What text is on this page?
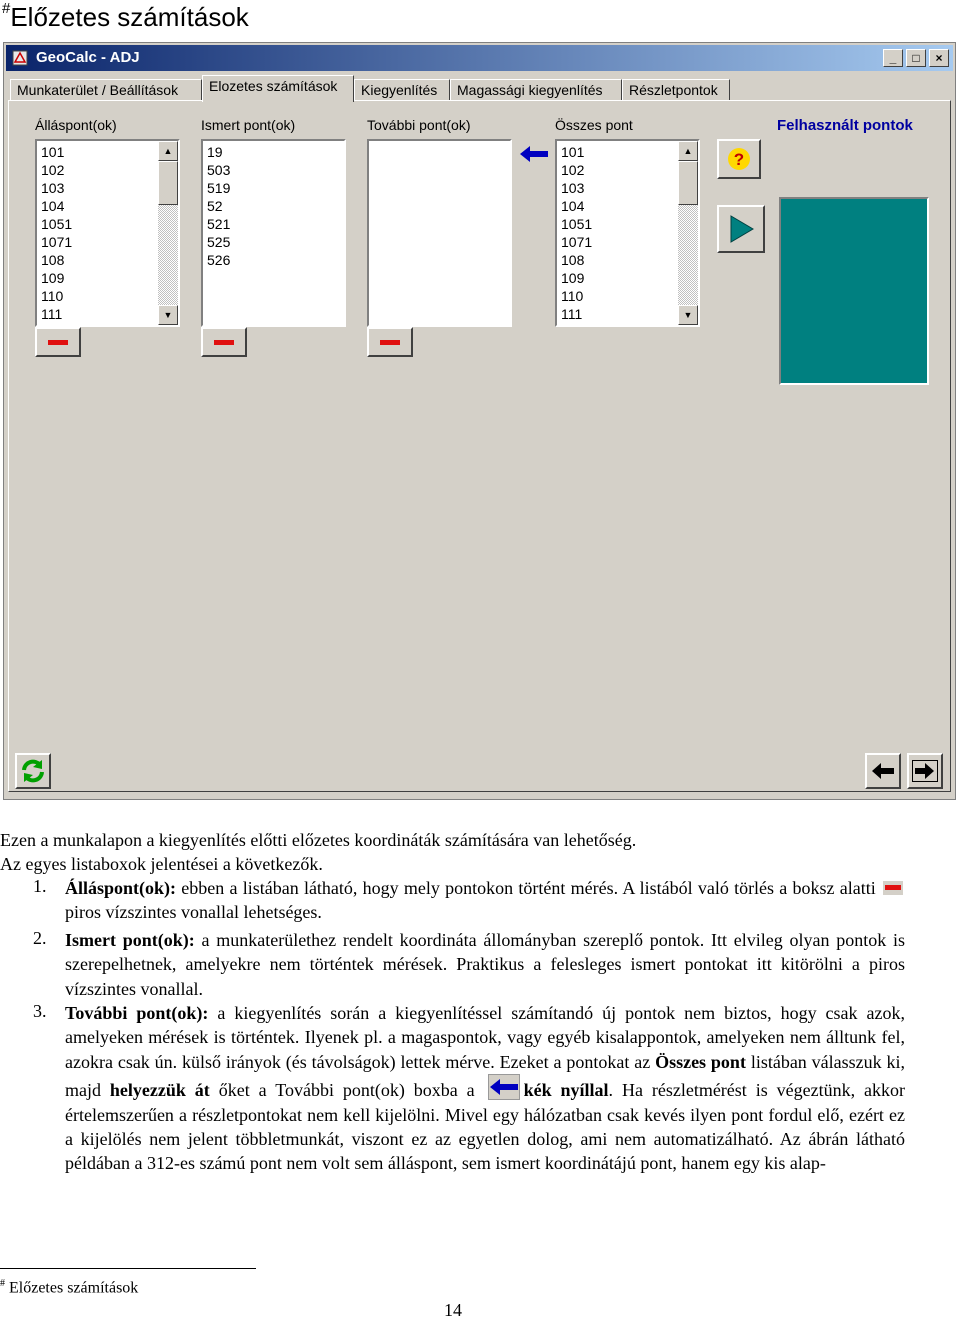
#Előzetes számítások
GeoCalc - ADJ	_	□	×
Munkaterület / Beállítások	Elozetes számítások	Kiegyenlítés	Magassági kiegyenlítés	Részletpontok
Álláspont(ok)	Ismert pont(ok)	További pont(ok)	Összes pont	Felhasznált pontok
101
102
103
104
1051
1071
108
109
110
111
▲
▼
19
503
519
52
521
525
526
101
102
103
104
1051
1071
108
109
110
111
▲
▼
?
Ezen a munkalapon a kiegyenlítés előtti előzetes koordináták számítására van lehetőség.
Az egyes listaboxok jelentései a következők.
1. Álláspont(ok): ebben a listában látható, hogy mely pontokon történt mérés. A listából való törlés a boksz alatti  piros vízszintes vonallal lehetséges.
2. Ismert pont(ok): a munkaterülethez rendelt koordináta állományban szereplő pontok. Itt elvileg olyan pontok is szerepelhetnek, amelyekre nem történtek mérések. Praktikus a felesleges ismert pontokat itt kitörölni a piros vízszintes vonallal.
3. További pont(ok): a kiegyenlítés során a kiegyenlítéssel számítandó új pontok nem biztos, hogy csak azok, amelyeken mérések is történtek. Ilyenek pl. a magaspontok, vagy egyéb kisalappontok, amelyeken nem álltunk fel, azokra csak ún. külső irányok (és távolságok) lettek mérve. Ezeket a pontokat az Összes pont listában válasszuk ki, majd helyezzük át őket a További pont(ok) boxba a
kék nyíllal. Ha részletmérést is végeztünk, akkor értelemszerűen a részletpontokat nem kell kijelölni. Mivel egy hálózatban csak kevés ilyen pont fordul elő, ezért ez a kijelölés nem jelent többletmunkát, viszont ez az egyetlen dolog, ami nem automatizálható. Az ábrán látható példában a 312-es számú pont nem volt sem álláspont, sem ismert koordinátájú pont, hanem egy kis alap-
# Előzetes számítások
14
